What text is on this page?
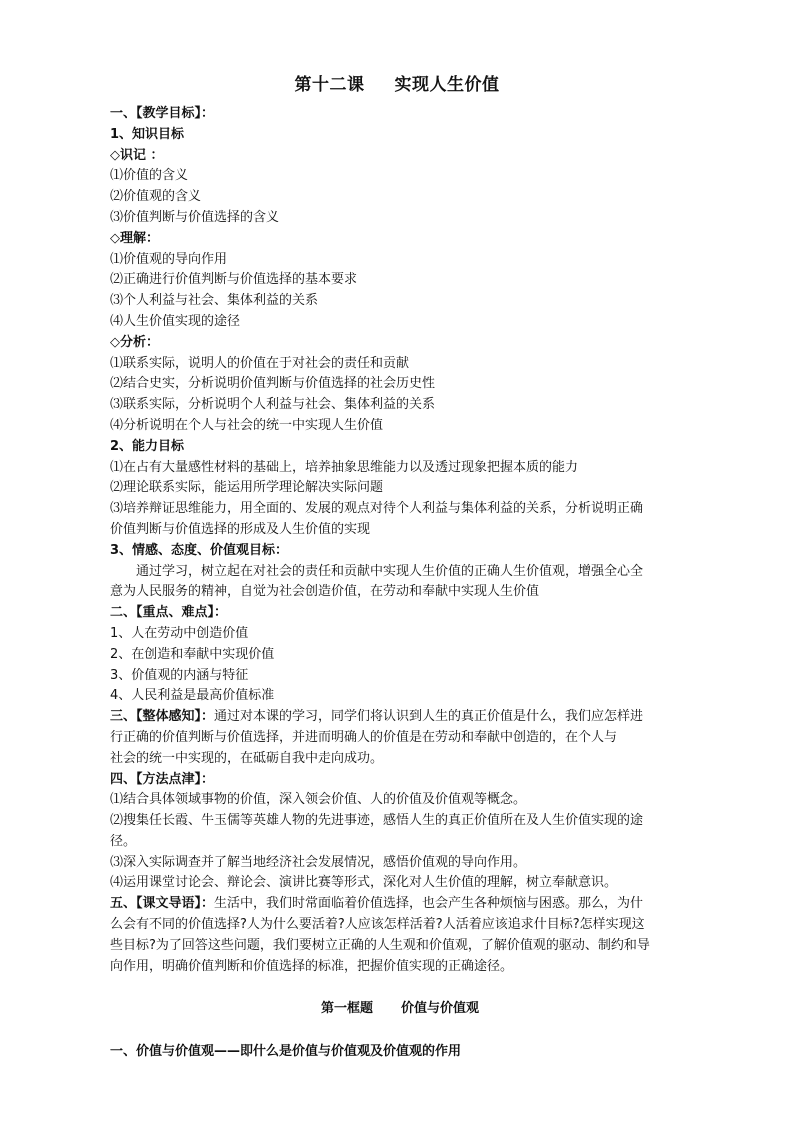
第十二课 实现人生价值

一、【教学目标】：

1、知识目标

◇识记 ：

⑴价值的含义

⑵价值观的含义

⑶价值判断与价值选择的含义

◇理解：

⑴价值观的导向作用

⑵正确进行价值判断与价值选择的基本要求

⑶个人利益与社会、集体利益的关系

⑷人生价值实现的途径

◇分析：

⑴联系实际，说明人的价值在于对社会的责任和贡献

⑵结合史实，分析说明价值判断与价值选择的社会历史性

⑶联系实际，分析说明个人利益与社会、集体利益的关系

⑷分析说明在个人与社会的统一中实现人生价值

2、能力目标

⑴在占有大量感性材料的基础上，培养抽象思维能力以及透过现象把握本质的能力

⑵理论联系实际，能运用所学理论解决实际问题

⑶培养辩证思维能力，用全面的、发展的观点对待个人利益与集体利益的关系，分析说明正确

价值判断与价值选择的形成及人生价值的实现

3、情感、态度、价值观目标：

通过学习，树立起在对社会的责任和贡献中实现人生价值的正确人生价值观，增强全心全

意为人民服务的精神，自觉为社会创造价值，在劳动和奉献中实现人生价值

二、【重点、难点】：

1、人在劳动中创造价值

2、在创造和奉献中实现价值

3、价值观的内涵与特征

4、人民利益是最高价值标准

三、【整体感知】：通过对本课的学习，同学们将认识到人生的真正价值是什么，我们应怎样进

行正确的价值判断与价值选择，并进而明确人的价值是在劳动和奉献中创造的，在个人与

社会的统一中实现的，在砥砺自我中走向成功。

四、【方法点津】：

⑴结合具体领域事物的价值，深入领会价值、人的价值及价值观等概念。

⑵搜集任长霞、牛玉儒等英雄人物的先进事迹，感悟人生的真正价值所在及人生价值实现的途

径。

⑶深入实际调查并了解当地经济社会发展情况，感悟价值观的导向作用。

⑷运用课堂讨论会、辩论会、演讲比赛等形式，深化对人生价值的理解，树立奉献意识。

五、【课文导语】：生活中，我们时常面临着价值选择，也会产生各种烦恼与困惑。那么，为什

么会有不同的价值选择?人为什么要活着?人应该怎样活着?人活着应该追求什目标?怎样实现这

些目标?为了回答这些问题，我们要树立正确的人生观和价值观，了解价值观的驱动、制约和导

向作用，明确价值判断和价值选择的标准，把握价值实现的正确途径。

第一框题 价值与价值观

一、价值与价值观——即什么是价值与价值观及价值观的作用
